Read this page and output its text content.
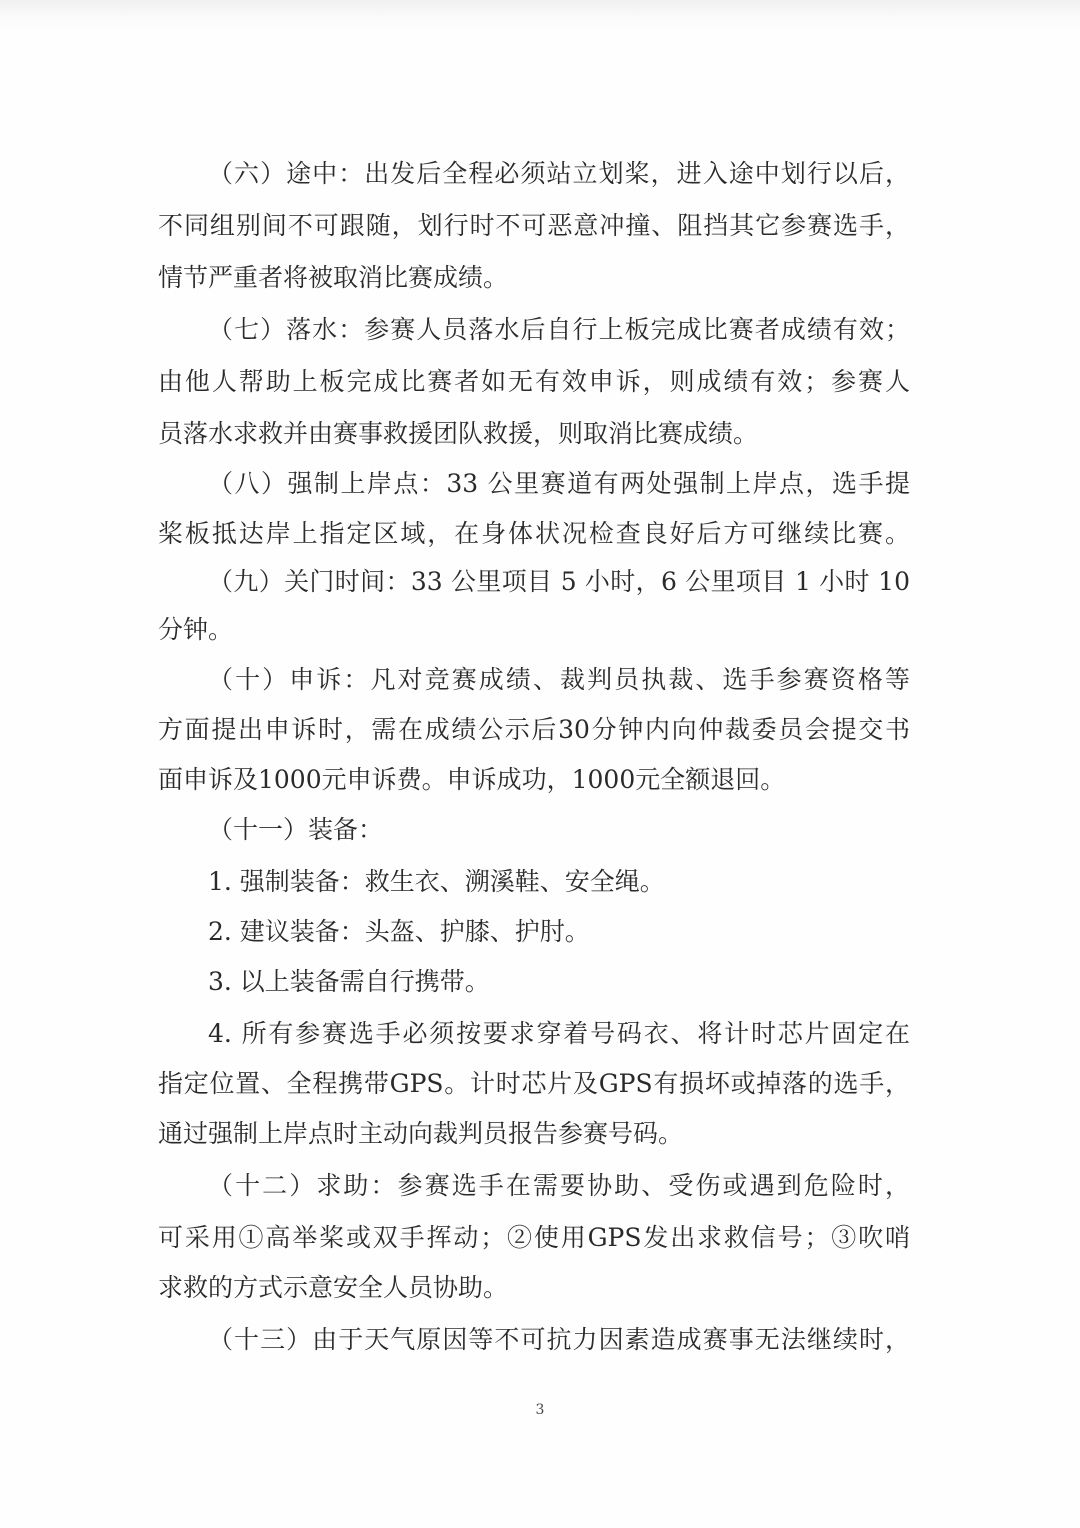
（六）途中：出发后全程必须站立划桨，进入途中划行以后，
不同组别间不可跟随，划行时不可恶意冲撞、阻挡其它参赛选手，
情节严重者将被取消比赛成绩。
（七）落水：参赛人员落水后自行上板完成比赛者成绩有效；
由他人帮助上板完成比赛者如无有效申诉，则成绩有效；参赛人
员落水求救并由赛事救援团队救援，则取消比赛成绩。
（八）强制上岸点：33 公里赛道有两处强制上岸点，选手提
桨板抵达岸上指定区域，在身体状况检查良好后方可继续比赛。
（九）关门时间：33 公里项目 5 小时，6 公里项目 1 小时 10
分钟。
（十）申诉：凡对竞赛成绩、裁判员执裁、选手参赛资格等
方面提出申诉时，需在成绩公示后30分钟内向仲裁委员会提交书
面申诉及1000元申诉费。申诉成功，1000元全额退回。
（十一）装备：
1. 强制装备：救生衣、溯溪鞋、安全绳。
2. 建议装备：头盔、护膝、护肘。
3. 以上装备需自行携带。
4. 所有参赛选手必须按要求穿着号码衣、将计时芯片固定在
指定位置、全程携带GPS。计时芯片及GPS有损坏或掉落的选手，
通过强制上岸点时主动向裁判员报告参赛号码。
（十二）求助：参赛选手在需要协助、受伤或遇到危险时，
可采用①高举桨或双手挥动；②使用GPS发出求救信号；③吹哨
求救的方式示意安全人员协助。
（十三）由于天气原因等不可抗力因素造成赛事无法继续时，
3
